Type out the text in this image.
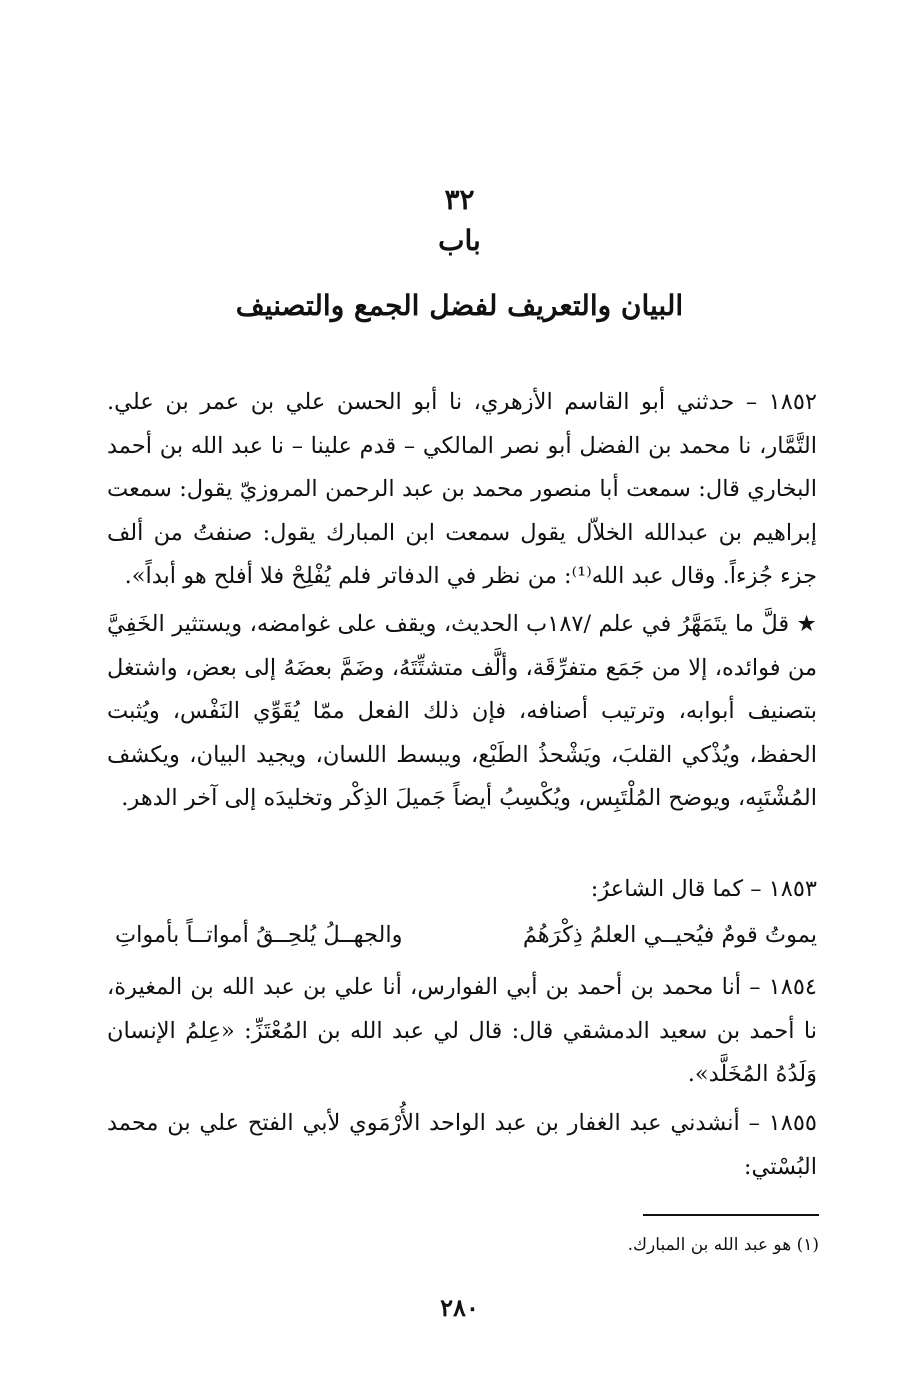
٣٢
باب
البيان والتعريف لفضل الجمع والتصنيف

١٨٥٢ – حدثني أبو القاسم الأزهري، نا أبو الحسن علي بن عمر بن علي. التَّمَّار، نا محمد بن الفضل أبو نصر المالكي – قدم علينا – نا عبد الله بن أحمد البخاري قال: سمعت أبا منصور محمد بن عبد الرحمن المروزيّ يقول: سمعت إبراهيم بن عبدالله الخلاّل يقول سمعت ابن المبارك يقول: صنفتُ من ألف جزء جُزءاً. وقال عبد الله⁽¹⁾: من نظر في الدفاتر فلم يُفْلِحْ فلا أفلح هو أبداً».

★ قلَّ ما يتَمَهَّرُ في علم /١٨٧ب الحديث، ويقف على غوامضه، ويستثير الخَفِيَّ من فوائده، إلا من جَمَع متفرِّقَة، وألَّف متشتِّتَهُ، وضَمَّ بعضَهُ إلى بعض، واشتغل بتصنيف أبوابه، وترتيب أصنافه، فإن ذلك الفعل ممّا يُقَوِّي النَفْس، ويُثبت الحفظ، ويُذْكي القلبَ، ويَشْحذُ الطَبْع، ويبسط اللسان، ويجيد البيان، ويكشف المُشْتَبِه، ويوضح المُلْتَبِس، ويُكْسِبُ أيضاً جَميلَ الذِكْر وتخليدَه إلى آخر الدهر.

١٨٥٣ – كما قال الشاعرُ:

يموتُ قومٌ فيُحيــي العلمُ ذِكْرَهُمُ
والجهــلُ يُلحِــقُ أمواتــاً بأمواتِ

١٨٥٤ – أنا محمد بن أحمد بن أبي الفوارس، أنا علي بن عبد الله بن المغيرة، نا أحمد بن سعيد الدمشقي قال: قال لي عبد الله بن المُعْتَزِّ: «عِلمُ الإنسان وَلَدُهُ المُخَلَّد».

١٨٥٥ – أنشدني عبد الغفار بن عبد الواحد الأُرْمَوي لأبي الفتح علي بن محمد البُسْتي:

(١) هو عبد الله بن المبارك.
٢٨٠
